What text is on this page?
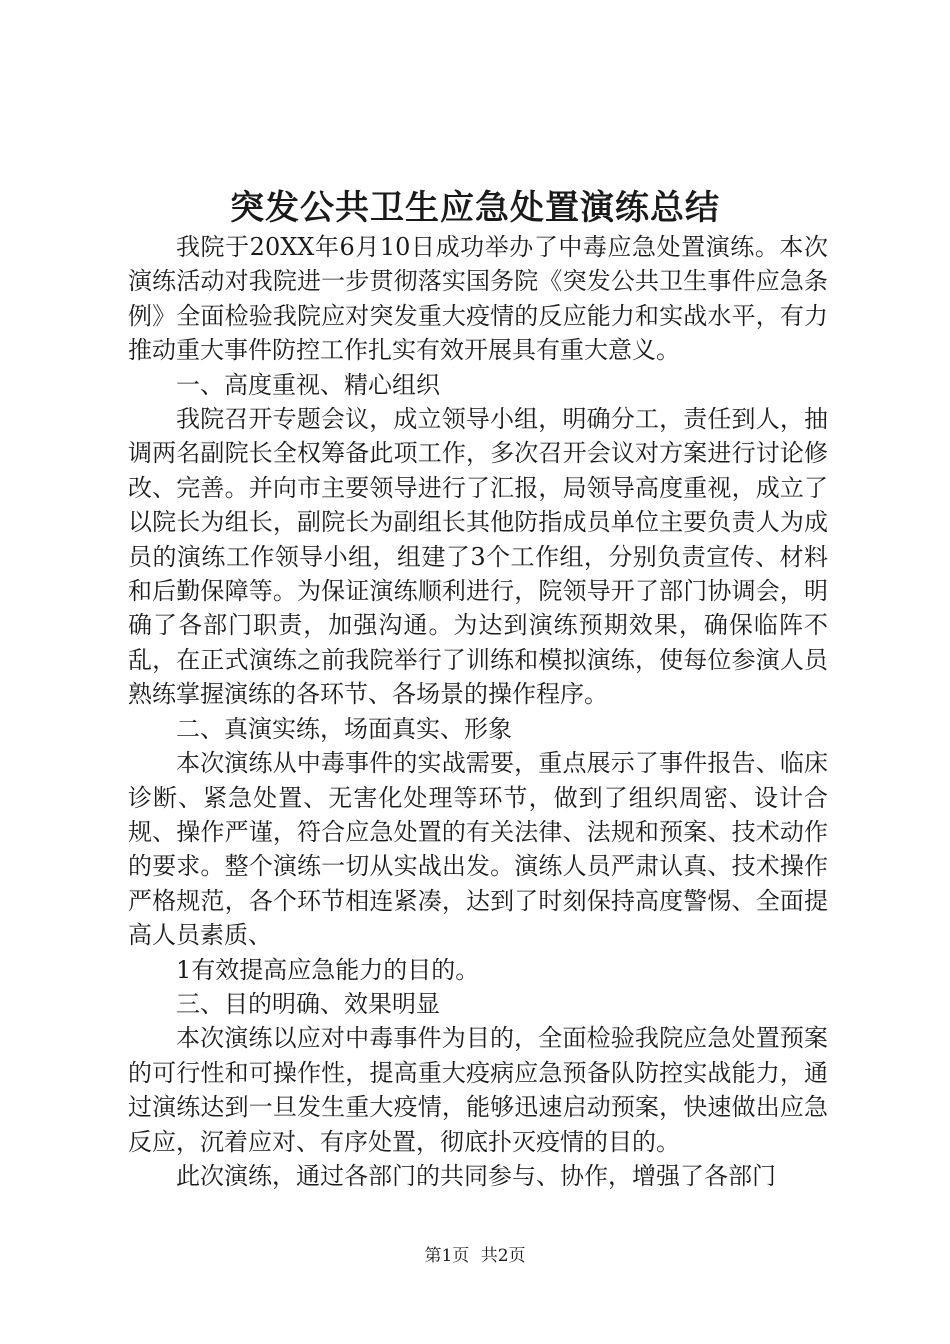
突发公共卫生应急处置演练总结

我院于20XX年6月10日成功举办了中毒应急处置演练。本次演练活动对我院进一步贯彻落实国务院《突发公共卫生事件应急条例》全面检验我院应对突发重大疫情的反应能力和实战水平，有力推动重大事件防控工作扎实有效开展具有重大意义。

一、高度重视、精心组织

我院召开专题会议，成立领导小组，明确分工，责任到人，抽调两名副院长全权筹备此项工作，多次召开会议对方案进行讨论修改、完善。并向市主要领导进行了汇报，局领导高度重视，成立了以院长为组长，副院长为副组长其他防指成员单位主要负责人为成员的演练工作领导小组，组建了3个工作组，分别负责宣传、材料和后勤保障等。为保证演练顺利进行，院领导开了部门协调会，明确了各部门职责，加强沟通。为达到演练预期效果，确保临阵不乱，在正式演练之前我院举行了训练和模拟演练，使每位参演人员熟练掌握演练的各环节、各场景的操作程序。

二、真演实练，场面真实、形象

本次演练从中毒事件的实战需要，重点展示了事件报告、临床诊断、紧急处置、无害化处理等环节，做到了组织周密、设计合规、操作严谨，符合应急处置的有关法律、法规和预案、技术动作的要求。整个演练一切从实战出发。演练人员严肃认真、技术操作严格规范，各个环节相连紧凑，达到了时刻保持高度警惕、全面提高人员素质、

1有效提高应急能力的目的。

三、目的明确、效果明显

本次演练以应对中毒事件为目的，全面检验我院应急处置预案的可行性和可操作性，提高重大疫病应急预备队防控实战能力，通过演练达到一旦发生重大疫情，能够迅速启动预案，快速做出应急反应，沉着应对、有序处置，彻底扑灭疫情的目的。

此次演练，通过各部门的共同参与、协作，增强了各部门

第1页 共2页
